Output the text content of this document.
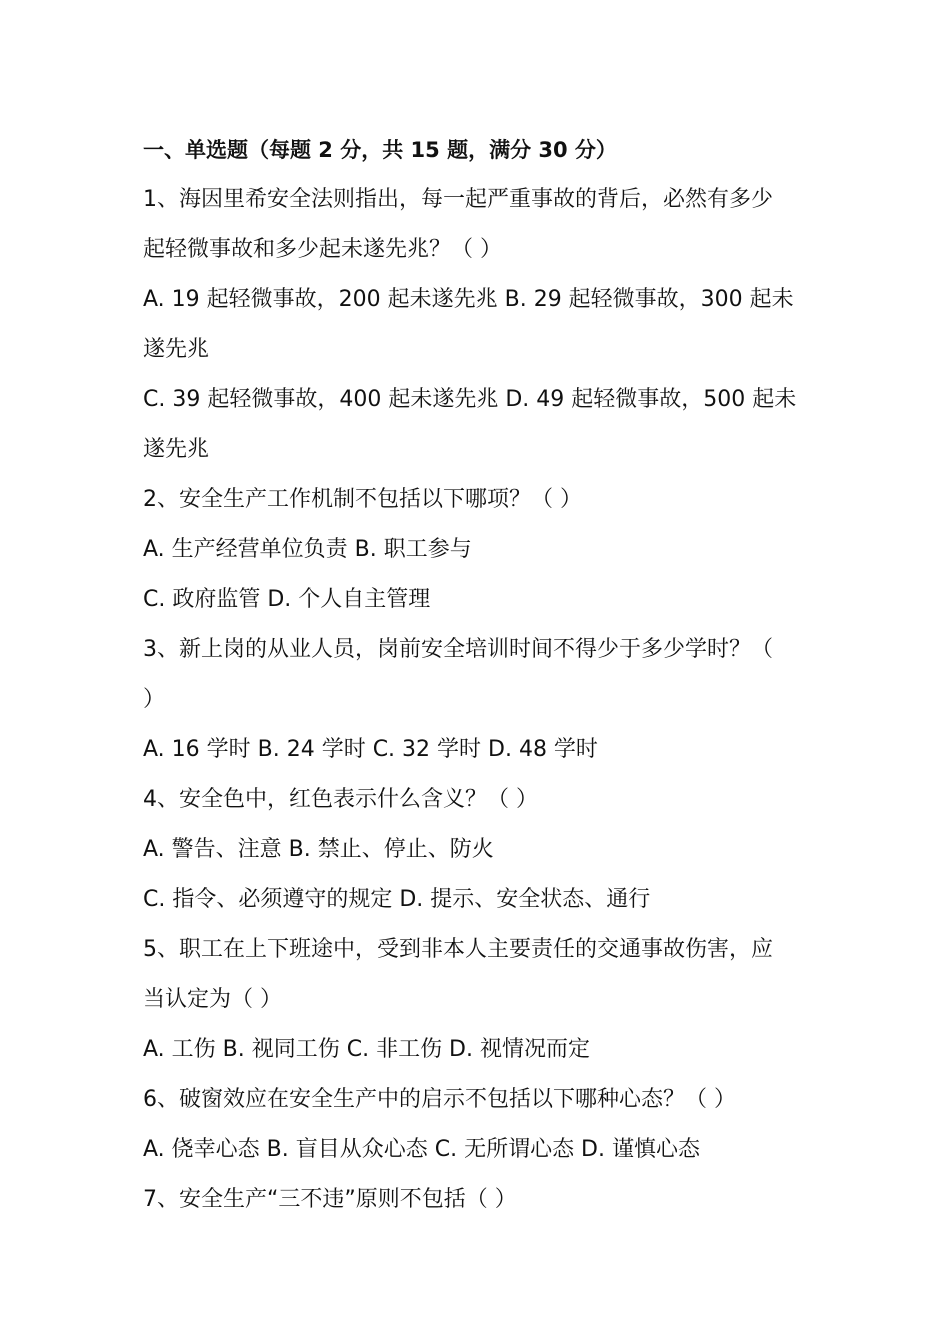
一、单选题（每题 2 分，共 15 题，满分 30 分）
1、海因里希安全法则指出，每一起严重事故的背后，必然有多少
起轻微事故和多少起未遂先兆？（ ）
A. 19 起轻微事故，200 起未遂先兆 B. 29 起轻微事故，300 起未
遂先兆
C. 39 起轻微事故，400 起未遂先兆 D. 49 起轻微事故，500 起未
遂先兆
2、安全生产工作机制不包括以下哪项？（ ）
A. 生产经营单位负责 B. 职工参与
C. 政府监管 D. 个人自主管理
3、新上岗的从业人员，岗前安全培训时间不得少于多少学时？（
）
A. 16 学时 B. 24 学时 C. 32 学时 D. 48 学时
4、安全色中，红色表示什么含义？（ ）
A. 警告、注意 B. 禁止、停止、防火
C. 指令、必须遵守的规定 D. 提示、安全状态、通行
5、职工在上下班途中，受到非本人主要责任的交通事故伤害，应
当认定为（ ）
A. 工伤 B. 视同工伤 C. 非工伤 D. 视情况而定
6、破窗效应在安全生产中的启示不包括以下哪种心态？（ ）
A. 侥幸心态 B. 盲目从众心态 C. 无所谓心态 D. 谨慎心态
7、安全生产“三不违”原则不包括（ ）
